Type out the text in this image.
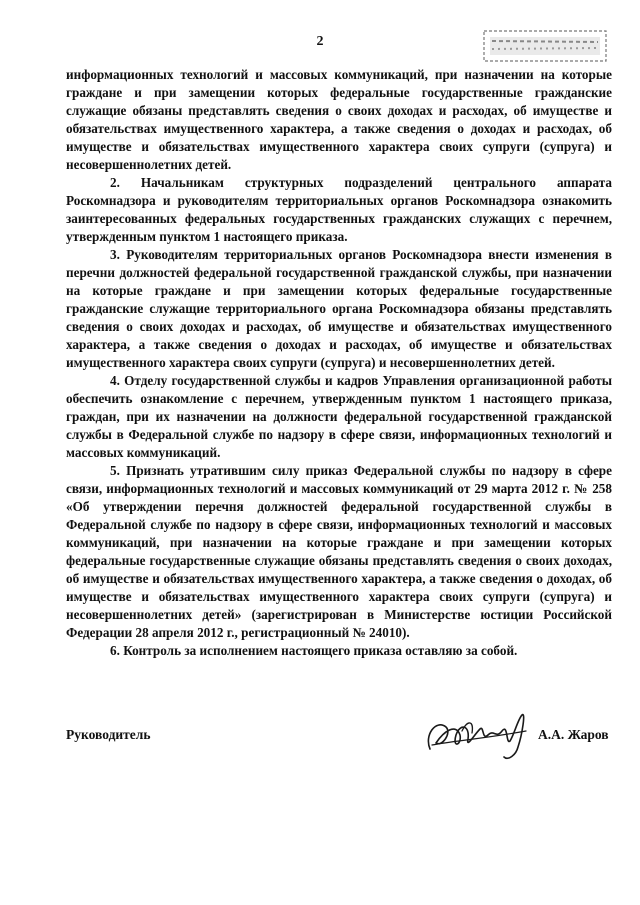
2

информационных технологий и массовых коммуникаций, при назначении на которые граждане и при замещении которых федеральные государственные гражданские служащие обязаны представлять сведения о своих доходах и расходах, об имуществе и обязательствах имущественного характера, а также сведения о доходах и расходах, об имуществе и обязательствах имущественного характера своих супруги (супруга) и несовершеннолетних детей.

2. Начальникам структурных подразделений центрального аппарата Роскомнадзора и руководителям территориальных органов Роскомнадзора ознакомить заинтересованных федеральных государственных гражданских служащих с перечнем, утвержденным пунктом 1 настоящего приказа.

3. Руководителям территориальных органов Роскомнадзора внести изменения в перечни должностей федеральной государственной гражданской службы, при назначении на которые граждане и при замещении которых федеральные государственные гражданские служащие территориального органа Роскомнадзора обязаны представлять сведения о своих доходах и расходах, об имуществе и обязательствах имущественного характера, а также сведения о доходах и расходах, об имуществе и обязательствах имущественного характера своих супруги (супруга) и несовершеннолетних детей.

4. Отделу государственной службы и кадров Управления организационной работы обеспечить ознакомление с перечнем, утвержденным пунктом 1 настоящего приказа, граждан, при их назначении на должности федеральной государственной гражданской службы в Федеральной службе по надзору в сфере связи, информационных технологий и массовых коммуникаций.

5. Признать утратившим силу приказ Федеральной службы по надзору в сфере связи, информационных технологий и массовых коммуникаций от 29 марта 2012 г. № 258 «Об утверждении перечня должностей федеральной государственной службы в Федеральной службе по надзору в сфере связи, информационных технологий и массовых коммуникаций, при назначении на которые граждане и при замещении которых федеральные государственные служащие обязаны представлять сведения о своих доходах, об имуществе и обязательствах имущественного характера, а также сведения о доходах, об имуществе и обязательствах имущественного характера своих супруги (супруга) и несовершеннолетних детей» (зарегистрирован в Министерстве юстиции Российской Федерации 28 апреля 2012 г., регистрационный № 24010).

6. Контроль за исполнением настоящего приказа оставляю за собой.

Руководитель	А.А. Жаров
